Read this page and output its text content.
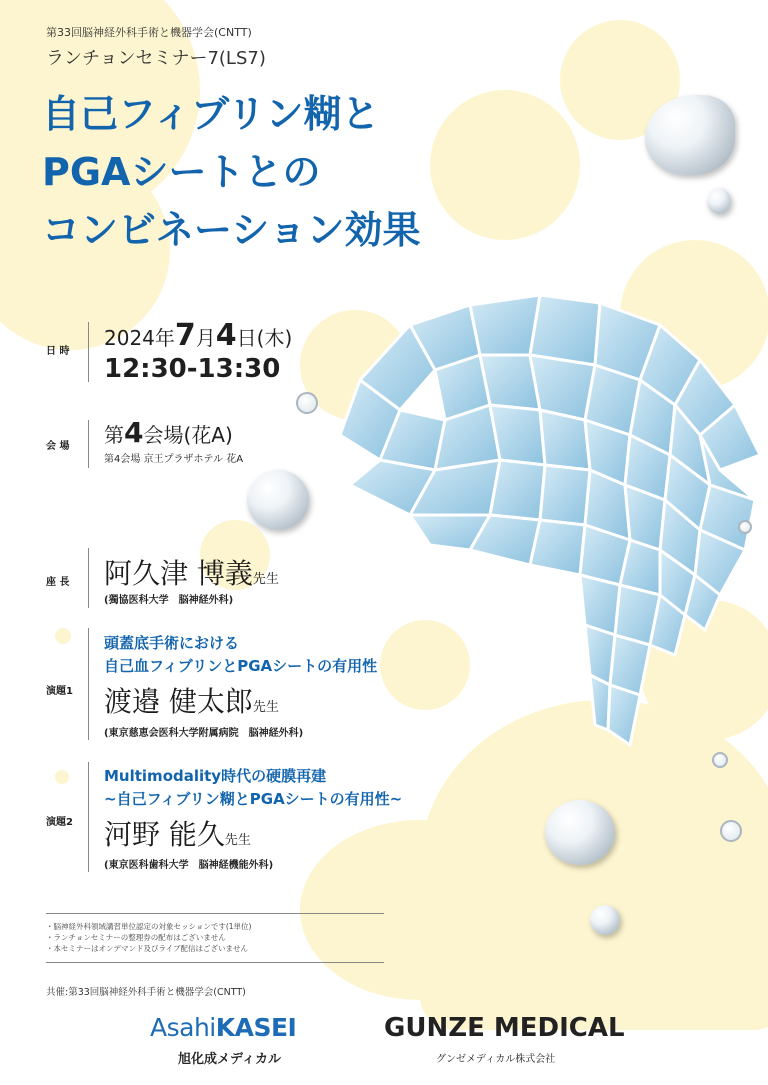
第33回脳神経外科手術と機器学会(CNTT)
ランチョンセミナー7(LS7)
自己フィブリン糊と
PGAシートとの
コンビネーション効果
日 時
2024年7月4日(木)
12:30-13:30
会 場	第4会場(花A)
第4会場 京王プラザホテル 花A
座 長	阿久津 博義先生
(獨協医科大学　脳神経外科)
演題1
頭蓋底手術における
自己血フィブリンとPGAシートの有用性
渡邉 健太郎先生
(東京慈恵会医科大学附属病院　脳神経外科)
演題2
Multimodality時代の硬膜再建
~自己フィブリン糊とPGAシートの有用性~
河野 能久先生
(東京医科歯科大学　脳神経機能外科)
・脳神経外科領域講習単位認定の対象セッションです(1単位)
・ランチョンセミナーの整理券の配布はございません
・本セミナーはオンデマンド及びライブ配信はございません
共催:第33回脳神経外科手術と機器学会(CNTT)
AsahiKASEI
旭化成メディカル
GUNZE MEDICAL
グンゼメディカル株式会社
